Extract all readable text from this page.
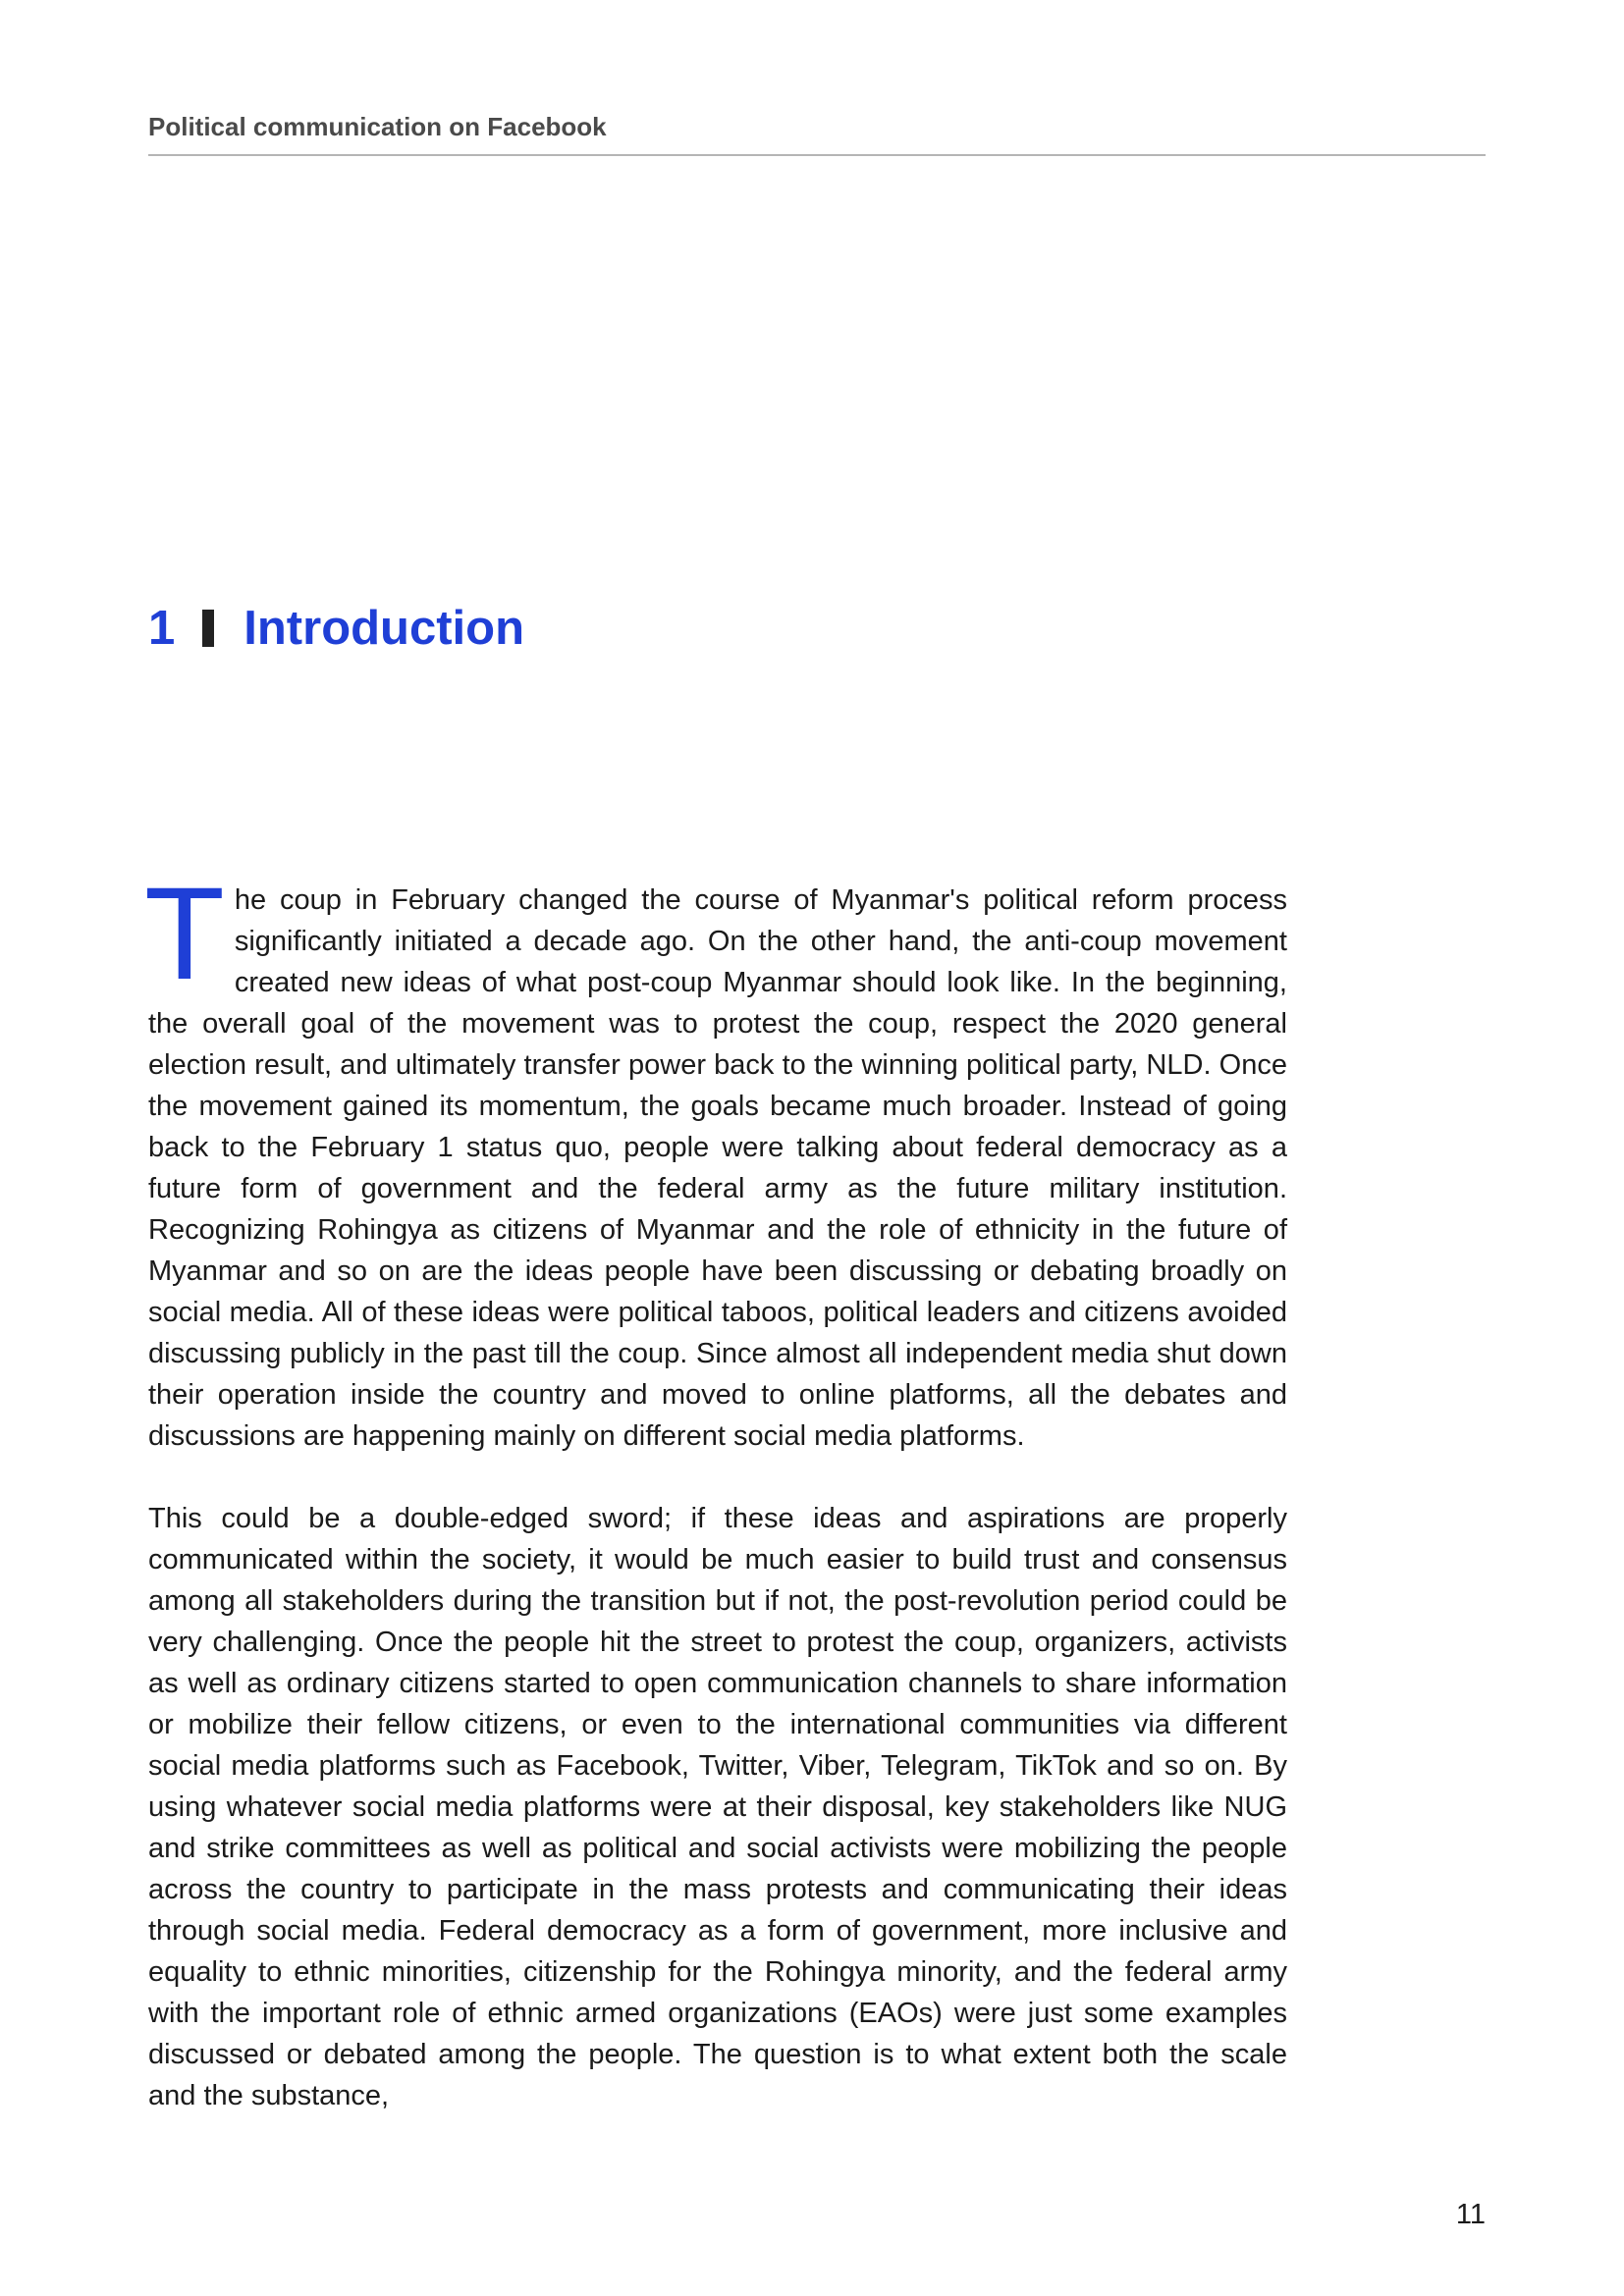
Political communication on Facebook
1 Introduction

The coup in February changed the course of Myanmar's political reform process significantly initiated a decade ago. On the other hand, the anti-coup movement created new ideas of what post-coup Myanmar should look like. In the beginning, the overall goal of the movement was to protest the coup, respect the 2020 general election result, and ultimately transfer power back to the winning political party, NLD. Once the movement gained its momentum, the goals became much broader. Instead of going back to the February 1 status quo, people were talking about federal democracy as a future form of government and the federal army as the future military institution. Recognizing Rohingya as citizens of Myanmar and the role of ethnicity in the future of Myanmar and so on are the ideas people have been discussing or debating broadly on social media. All of these ideas were political taboos, political leaders and citizens avoided discussing publicly in the past till the coup. Since almost all independent media shut down their operation inside the country and moved to online platforms, all the debates and discussions are happening mainly on different social media platforms.

This could be a double-edged sword; if these ideas and aspirations are properly communicated within the society, it would be much easier to build trust and consensus among all stakeholders during the transition but if not, the post-revolution period could be very challenging. Once the people hit the street to protest the coup, organizers, activists as well as ordinary citizens started to open communication channels to share information or mobilize their fellow citizens, or even to the international communities via different social media platforms such as Facebook, Twitter, Viber, Telegram, TikTok and so on. By using whatever social media platforms were at their disposal, key stakeholders like NUG and strike committees as well as political and social activists were mobilizing the people across the country to participate in the mass protests and communicating their ideas through social media. Federal democracy as a form of government, more inclusive and equality to ethnic minorities, citizenship for the Rohingya minority, and the federal army with the important role of ethnic armed organizations (EAOs) were just some examples discussed or debated among the people. The question is to what extent both the scale and the substance,

11
